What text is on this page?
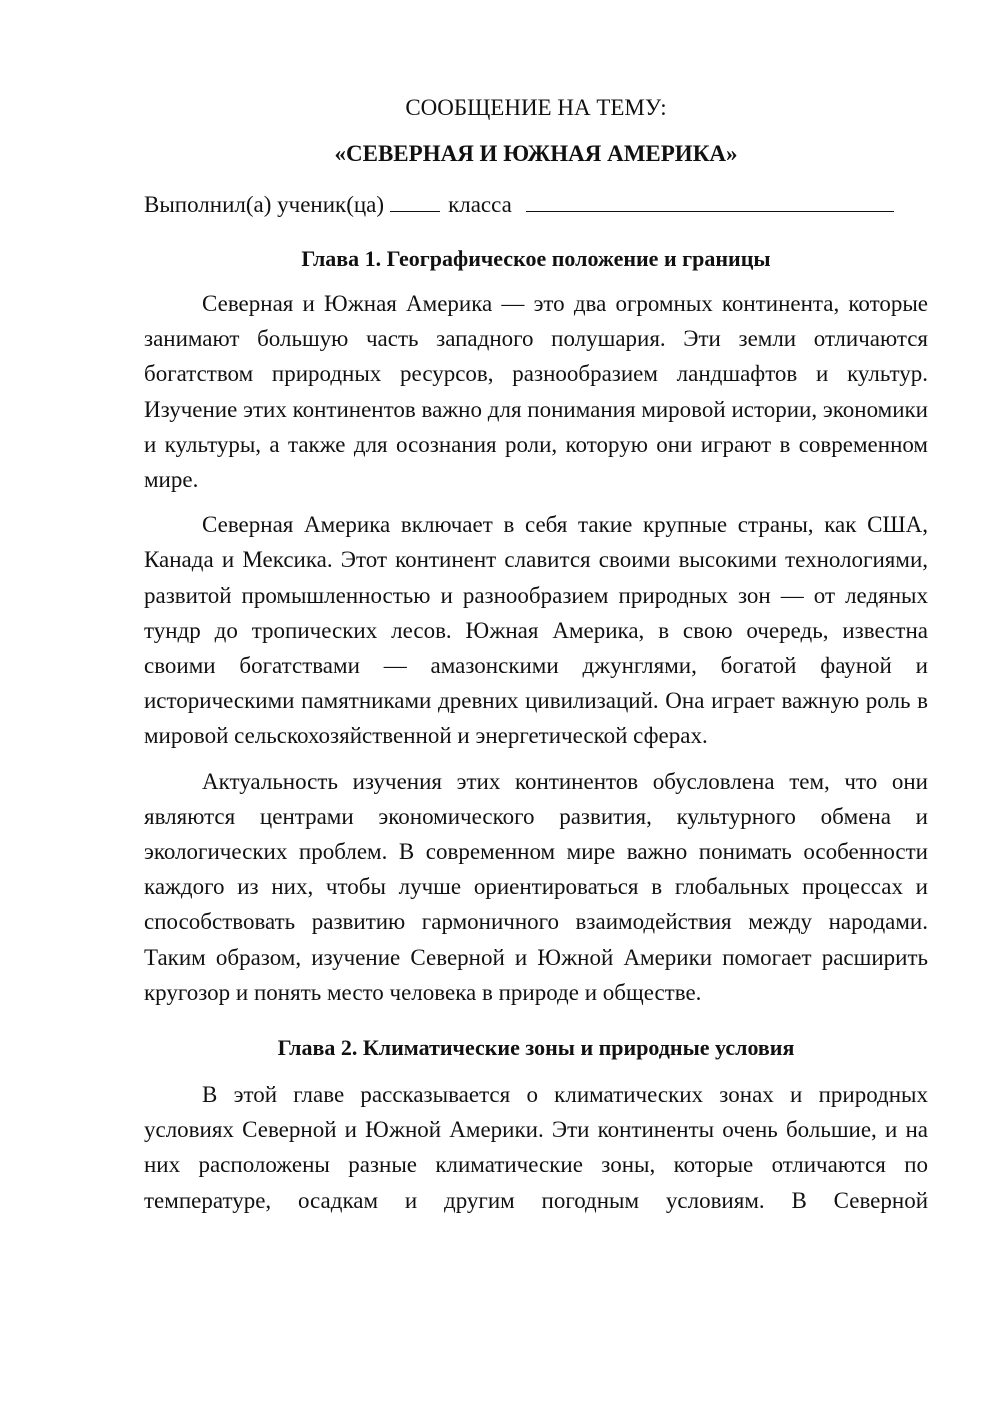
СООБЩЕНИЕ НА ТЕМУ:
«СЕВЕРНАЯ И ЮЖНАЯ АМЕРИКА»
Выполнил(а) ученик(ца)	класса
Глава 1. Географическое положение и границы

Северная и Южная Америка — это два огромных континента, которые занимают большую часть западного полушария. Эти земли отличаются богатством природных ресурсов, разнообразием ландшафтов и культур. Изучение этих континентов важно для понимания мировой истории, экономики и культуры, а также для осознания роли, которую они играют в современном мире.

Северная Америка включает в себя такие крупные страны, как США, Канада и Мексика. Этот континент славится своими высокими технологиями, развитой промышленностью и разнообразием природных зон — от ледяных тундр до тропических лесов. Южная Америка, в свою очередь, известна своими богатствами — амазонскими джунглями, богатой фауной и историческими памятниками древних цивилизаций. Она играет важную роль в мировой сельскохозяйственной и энергетической сферах.

Актуальность изучения этих континентов обусловлена тем, что они являются центрами экономического развития, культурного обмена и экологических проблем. В современном мире важно понимать особенности каждого из них, чтобы лучше ориентироваться в глобальных процессах и способствовать развитию гармоничного взаимодействия между народами. Таким образом, изучение Северной и Южной Америки помогает расширить кругозор и понять место человека в природе и обществе.

Глава 2. Климатические зоны и природные условия

В этой главе рассказывается о климатических зонах и природных условиях Северной и Южной Америки. Эти континенты очень большие, и на них расположены разные климатические зоны, которые отличаются по температуре, осадкам и другим погодным условиям. В Северной
